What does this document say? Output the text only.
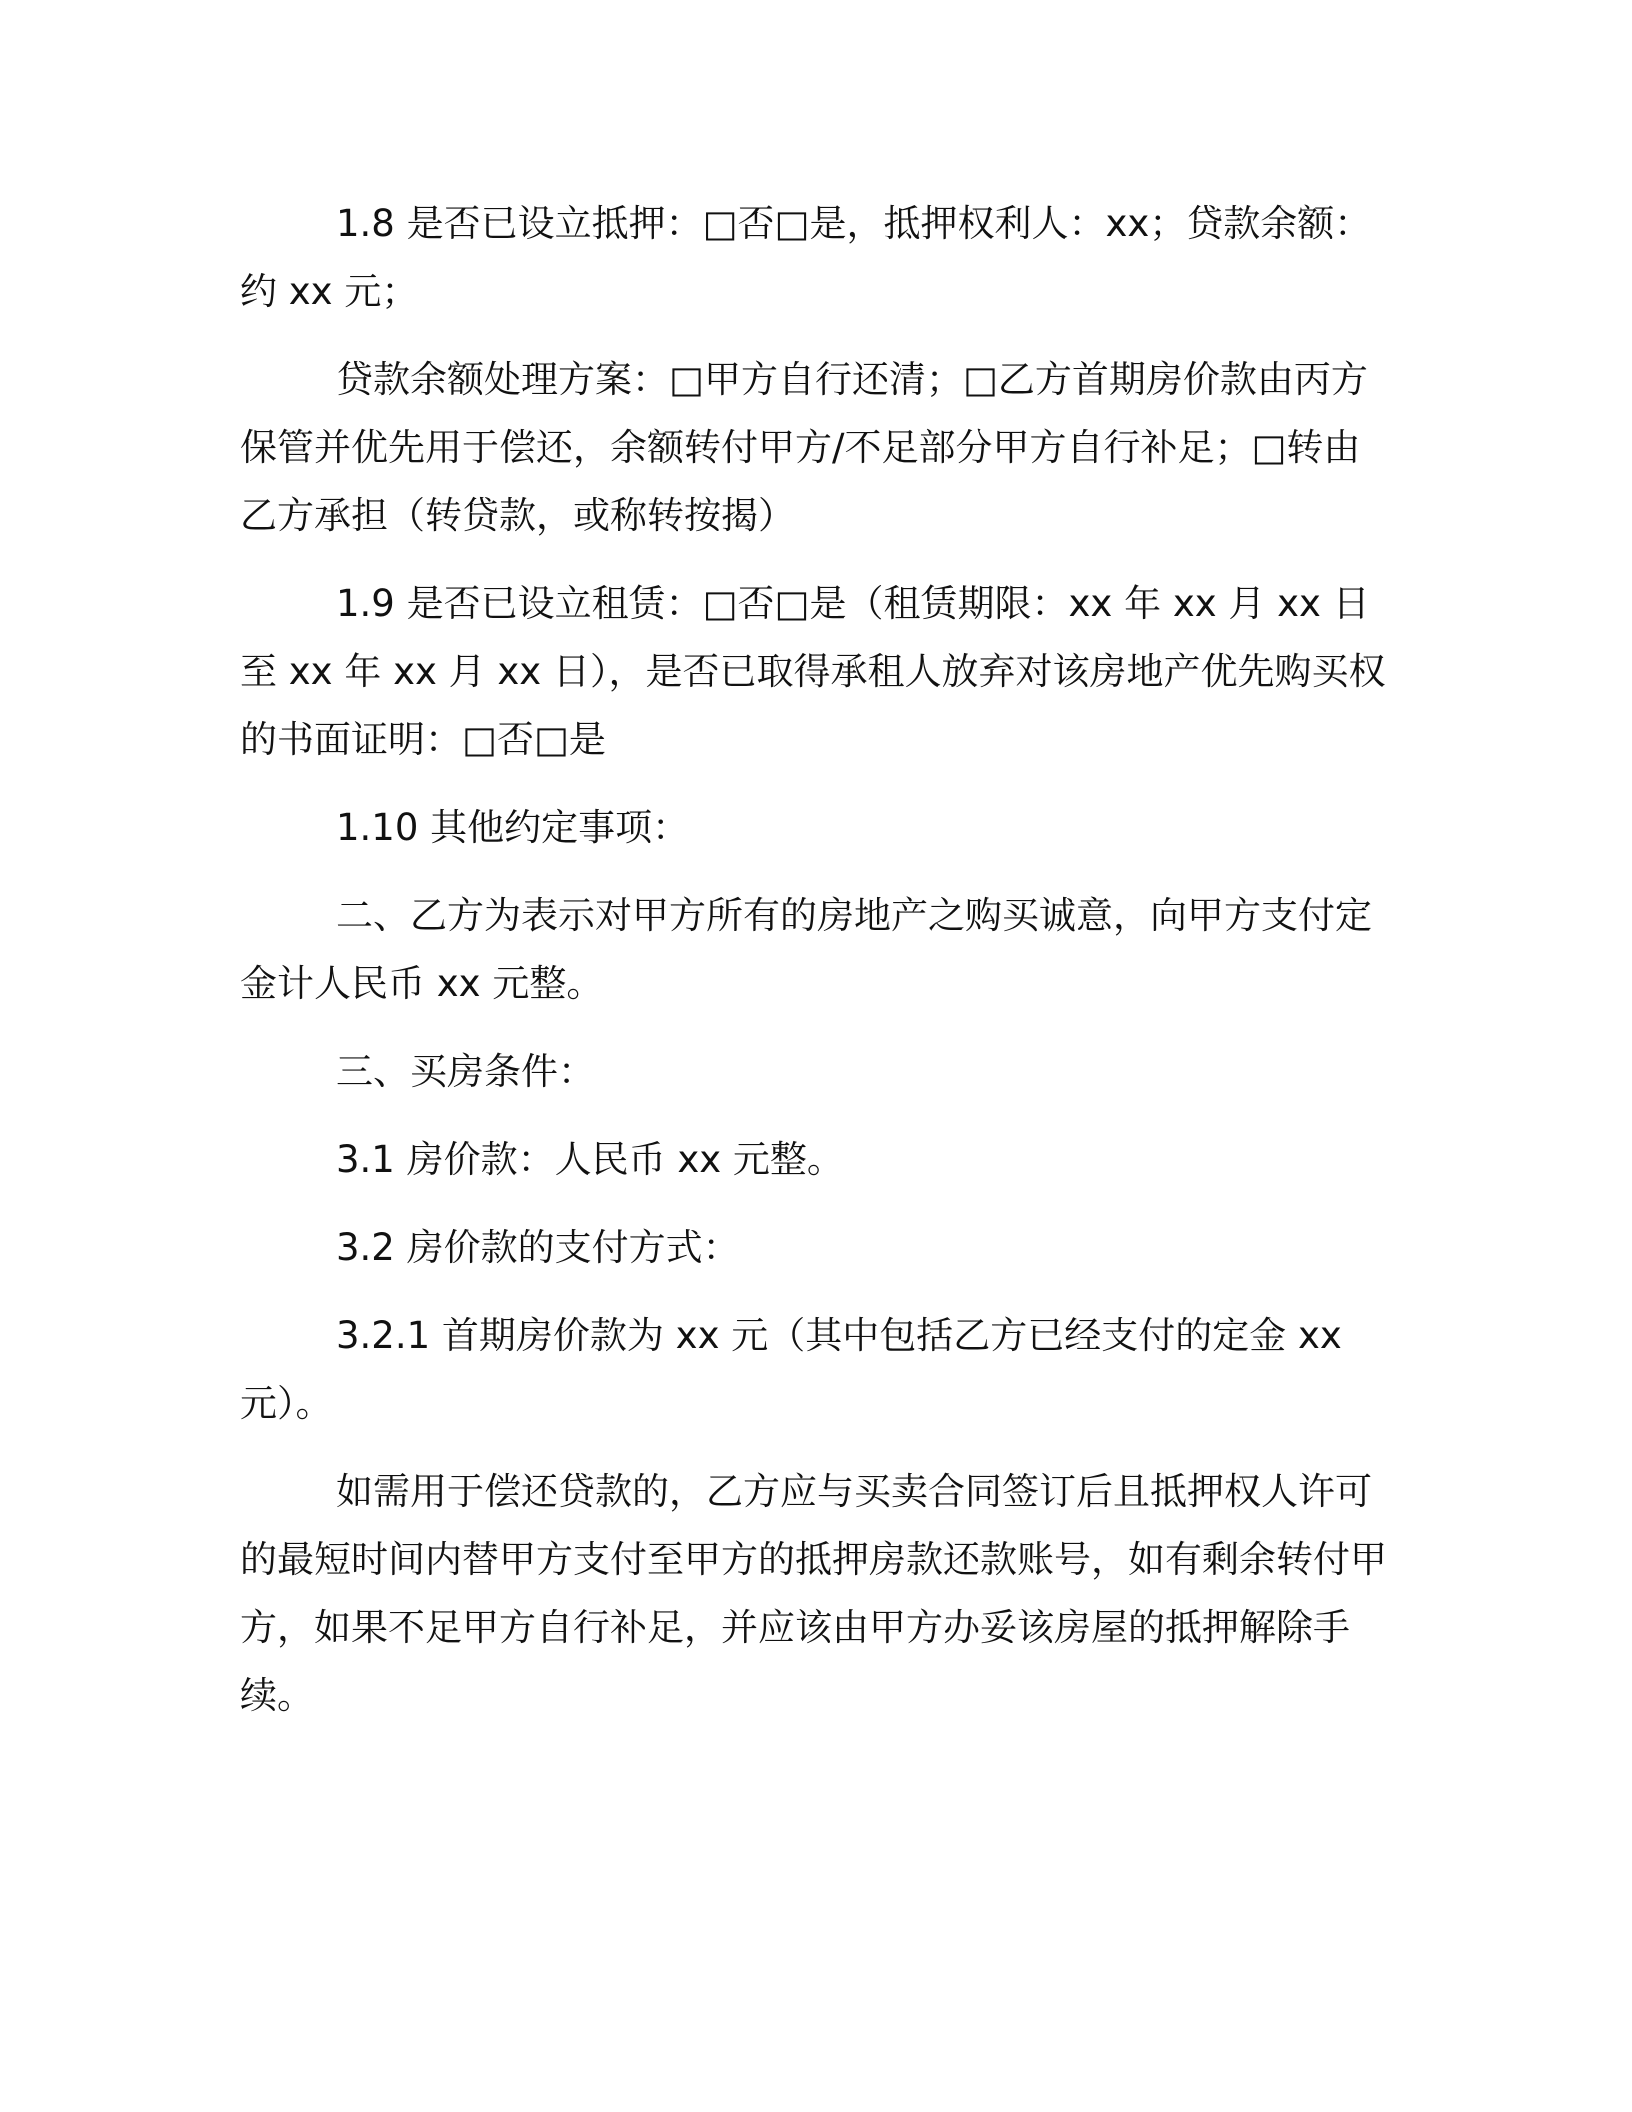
1.8 是否已设立抵押：□否□是，抵押权利人：xx；贷款余额：约 xx 元；

贷款余额处理方案：□甲方自行还清；□乙方首期房价款由丙方保管并优先用于偿还，余额转付甲方/不足部分甲方自行补足；□转由乙方承担（转贷款，或称转按揭）

1.9 是否已设立租赁：□否□是（租赁期限：xx 年 xx 月 xx 日至 xx 年 xx 月 xx 日），是否已取得承租人放弃对该房地产优先购买权的书面证明：□否□是

1.10 其他约定事项：

二、乙方为表示对甲方所有的房地产之购买诚意，向甲方支付定金计人民币 xx 元整。

三、买房条件：

3.1 房价款：人民币 xx 元整。

3.2 房价款的支付方式：

3.2.1 首期房价款为 xx 元（其中包括乙方已经支付的定金 xx 元）。

如需用于偿还贷款的，乙方应与买卖合同签订后且抵押权人许可的最短时间内替甲方支付至甲方的抵押房款还款账号，如有剩余转付甲方，如果不足甲方自行补足，并应该由甲方办妥该房屋的抵押解除手续。
